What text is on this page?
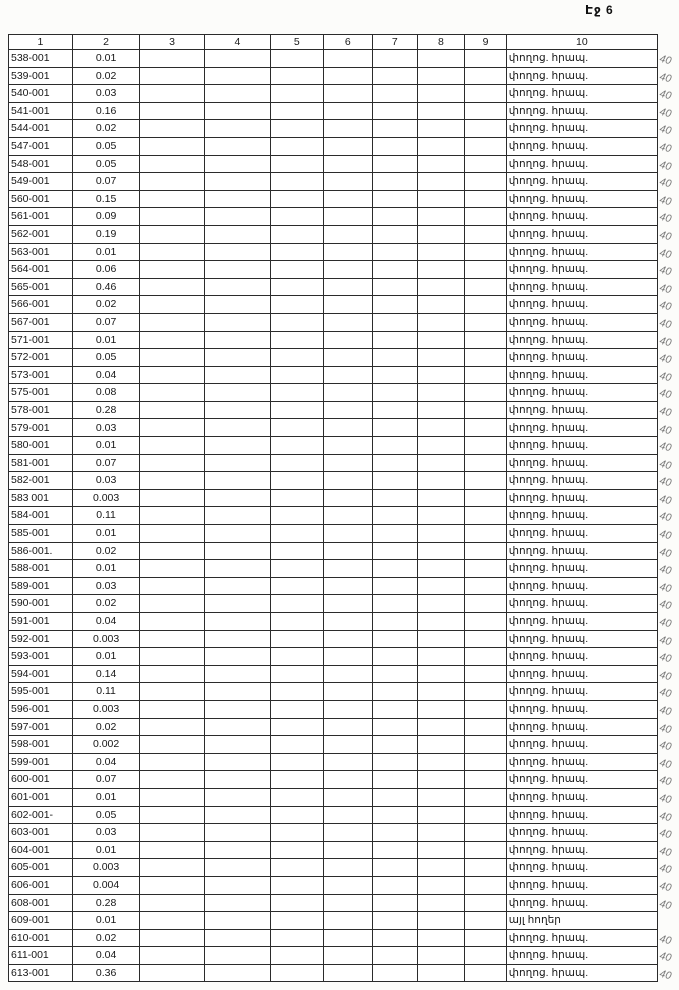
Էջ 6
1	2	3	4	5	6	7	8	9	10	
538-001	0.01								փողոց. հրապ.	40
539-001	0.02								փողոց. հրապ.	40
540-001	0.03								փողոց. հրապ.	40
541-001	0.16								փողոց. հրապ.	40
544-001	0.02								փողոց. հրապ.	40
547-001	0.05								փողոց. հրապ.	40
548-001	0.05								փողոց. հրապ.	40
549-001	0.07								փողոց. հրապ.	40
560-001	0.15								փողոց. հրապ.	40
561-001	0.09								փողոց. հրապ.	40
562-001	0.19								փողոց. հրապ.	40
563-001	0.01								փողոց. հրապ.	40
564-001	0.06								փողոց. հրապ.	40
565-001	0.46								փողոց. հրապ.	40
566-001	0.02								փողոց. հրապ.	40
567-001	0.07								փողոց. հրապ.	40
571-001	0.01								փողոց. հրապ.	40
572-001	0.05								փողոց. հրապ.	40
573-001	0.04								փողոց. հրապ.	40
575-001	0.08								փողոց. հրապ.	40
578-001	0.28								փողոց. հրապ.	40
579-001	0.03								փողոց. հրապ.	40
580-001	0.01								փողոց. հրապ.	40
581-001	0.07								փողոց. հրապ.	40
582-001	0.03								փողոց. հրապ.	40
583 001	0.003								փողոց. հրապ.	40
584-001	0.11								փողոց. հրապ.	40
585-001	0.01								փողոց. հրապ.	40
586-001.	0.02								փողոց. հրապ.	40
588-001	0.01								փողոց. հրապ.	40
589-001	0.03								փողոց. հրապ.	40
590-001	0.02								փողոց. հրապ.	40
591-001	0.04								փողոց. հրապ.	40
592-001	0.003								փողոց. հրապ.	40
593-001	0.01								փողոց. հրապ.	40
594-001	0.14								փողոց. հրապ.	40
595-001	0.11								փողոց. հրապ.	40
596-001	0.003								փողոց. հրապ.	40
597-001	0.02								փողոց. հրապ.	40
598-001	0.002								փողոց. հրապ.	40
599-001	0.04								փողոց. հրապ.	40
600-001	0.07								փողոց. հրապ.	40
601-001	0.01								փողոց. հրապ.	40
602-001-	0.05								փողոց. հրապ.	40
603-001	0.03								փողոց. հրապ.	40
604-001	0.01								փողոց. հրապ.	40
605-001	0.003								փողոց. հրապ.	40
606-001	0.004								փողոց. հրապ.	40
608-001	0.28								փողոց. հրապ.	40
609-001	0.01								այլ հողեր	
610-001	0.02								փողոց. հրապ.	40
611-001	0.04								փողոց. հրապ.	40
613-001	0.36								փողոց. հրապ.	40
